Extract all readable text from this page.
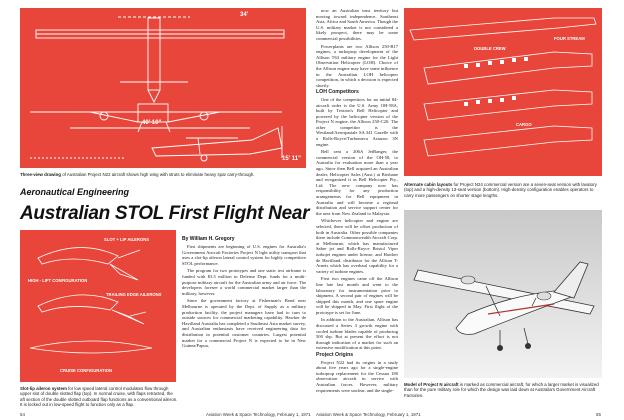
34'
40' 10"
15' 11"
Three-view drawing of Australian Project N22 aircraft shows high wing with struts to eliminate heavy spar carry-through.
Aeronautical Engineering
Australian STOL First Flight Near
SLOT + LIP AILERONS
HIGH - LIFT CONFIGURATION
TRAILING EDGE AILERONS
CRUISE CONFIGURATION
Slot-lip aileron system for low speed lateral control modulates flow through upper slot of double slotted flap (top). In normal cruise, with flaps retracted, the aft section of the double slotted outboard flap functions as a conventional aileron. It is locked out in low-speed flight to function only as a flap.
By William H. Gregory

First shipments are beginning of U.S. engines for Australia's Government Aircraft Factories Project N light utility transport that uses a slot-lip aileron lateral control system for highly competitive STOL performance.

The program for two prototypes and one static test airframe is funded with $3.5 million in Defense Dept. funds for a multi-purpose military aircraft for the Australian army and air force. The developers foresee a world commercial market larger than the military, however.

Since the government factory at Fisherman's Bend near Melbourne is operated by the Dept. of Supply as a military production facility, the project managers have had to turn to outside sources for commercial marketing capability. Hawker de Havilland Australia has completed a Southeast Asia market survey, and Australian enthusiasts have received engineering data for distribution in potential customer countries. Largest potential market for a commercial Project N is expected to be in New Guinea/Papua,

54	Aviation Week & Space Technology, February 1, 1971

now an Australian trust territory but moving toward independence, Southeast Asia, Africa and South America. Though the U.S. military market is not considered a likely prospect, there may be some commercial possibilities.

Powerplants are two Allison 250-B17 engines, a turboprop development of the Allison T63 military engine for the Light Observation Helicopter (LOH). Choice of the Allison engine may have some influence in the Australian LOH helicopter competition, in which a decision is expected shortly.

LOH Competitors

One of the competitors for an initial 84-aircraft order is the U.S. Army OH-58A, built by Textron's Bell Helicopter and powered by the helicopter version of the Project N engine, the Allison 250-C20. The other competitor is the Westland/Aerospatiale SA.341 Gazelle with a Rolls-Royce/Turbomeca Astazou 3N engine.

Bell sent a 206A JetRanger, the commercial version of the OH-58, to Australia for evaluation more than a year ago. Since then Bell acquired an Australian dealer, Helicopter Sales (Aust.) at Brisbane and reorganized it as Bell Helicopter Pty., Ltd. The new company now has responsibility for any production arrangements for Bell equipment in Australia and will become a regional distribution and service support center for the area from New Zealand to Malaysia.

Whichever helicopter and engine are selected, there will be offset production of both in Australia. Other possible companies there include Commonwealth Aircraft Corp. at Melbourne, which has manufactured Sabre jet and Rolls-Royce Bristol Viper turbojet engines under license, and Hawker de Havilland, distributor for the Allison T-Arneis which has overhaul capability for a variety of turbine engines.

First two engines came off the Allison line late last month and went to the laboratory for instrumentation prior to shipment. A second pair of engines will be shipped this month, and one spare engine will be shipped in May. First flight of the prototype is set for June.

In addition to the Australian, Allison has discussed a Series 3 growth engine with cooled turbine blades capable of producing 500 shp. But at present the effort is not through indication of a market for such an extensive modification at this point.

Project Origins

Project N22 had its origins in a study about five years ago for a single-engine turboprop replacement for the Cessna 180 observation aircraft in service with Australian forces. However, military requirements were unclear, and the single-

DOUBLE CREW
FOUR STREAM
CARGO
Alternate cabin layouts for Project N24 commercial version are a seven-seat version with lavatory (top) and a high-density 13-seat version (bottom). High-density configuration enables operators to carry more passengers on shorter stage lengths.
Model of Project N aircraft is marked as commercial aircraft, for which a larger market is visualized than for the pure military role for which the design was laid down at Australia's Government Aircraft Factories.
Aviation Week & Space Technology, February 1, 1971	55
